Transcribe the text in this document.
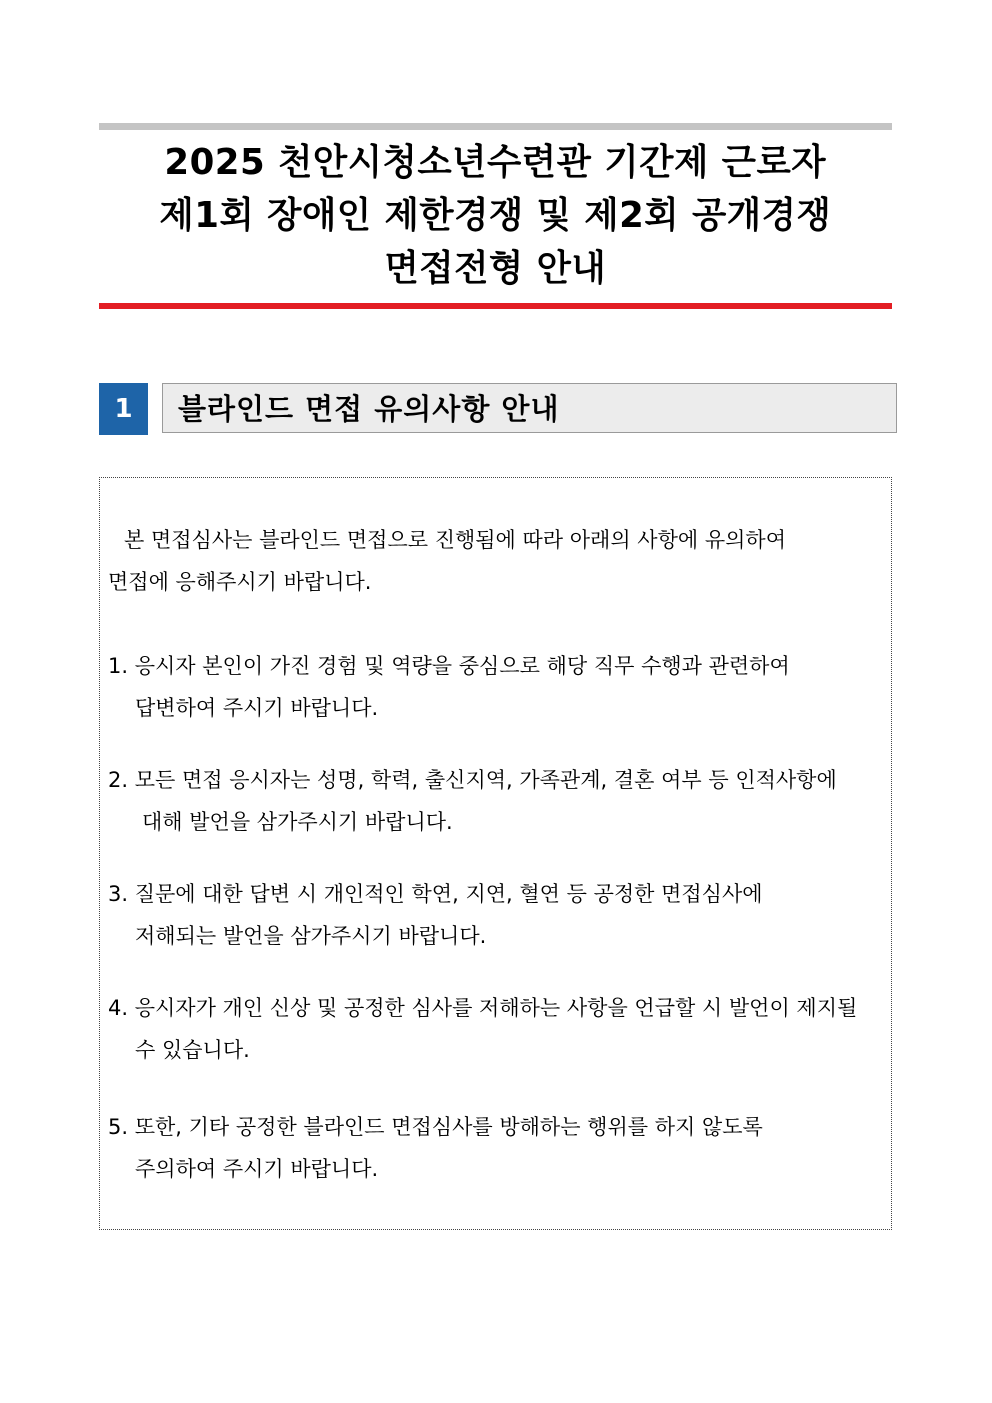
2025 천안시청소년수련관 기간제 근로자 제1회 장애인 제한경쟁 및 제2회 공개경쟁 면접전형 안내
1	블라인드 면접 유의사항 안내
본 면접심사는 블라인드 면접으로 진행됨에 따라 아래의 사항에 유의하여
면접에 응해주시기 바랍니다.
1. 응시자 본인이 가진 경험 및 역량을 중심으로 해당 직무 수행과 관련하여
답변하여 주시기 바랍니다.
2. 모든 면접 응시자는 성명, 학력, 출신지역, 가족관계, 결혼 여부 등 인적사항에
대해 발언을 삼가주시기 바랍니다.
3. 질문에 대한 답변 시 개인적인 학연, 지연, 혈연 등 공정한 면접심사에
저해되는 발언을 삼가주시기 바랍니다.
4. 응시자가 개인 신상 및 공정한 심사를 저해하는 사항을 언급할 시 발언이 제지될
수 있습니다.
5. 또한, 기타 공정한 블라인드 면접심사를 방해하는 행위를 하지 않도록
주의하여 주시기 바랍니다.
